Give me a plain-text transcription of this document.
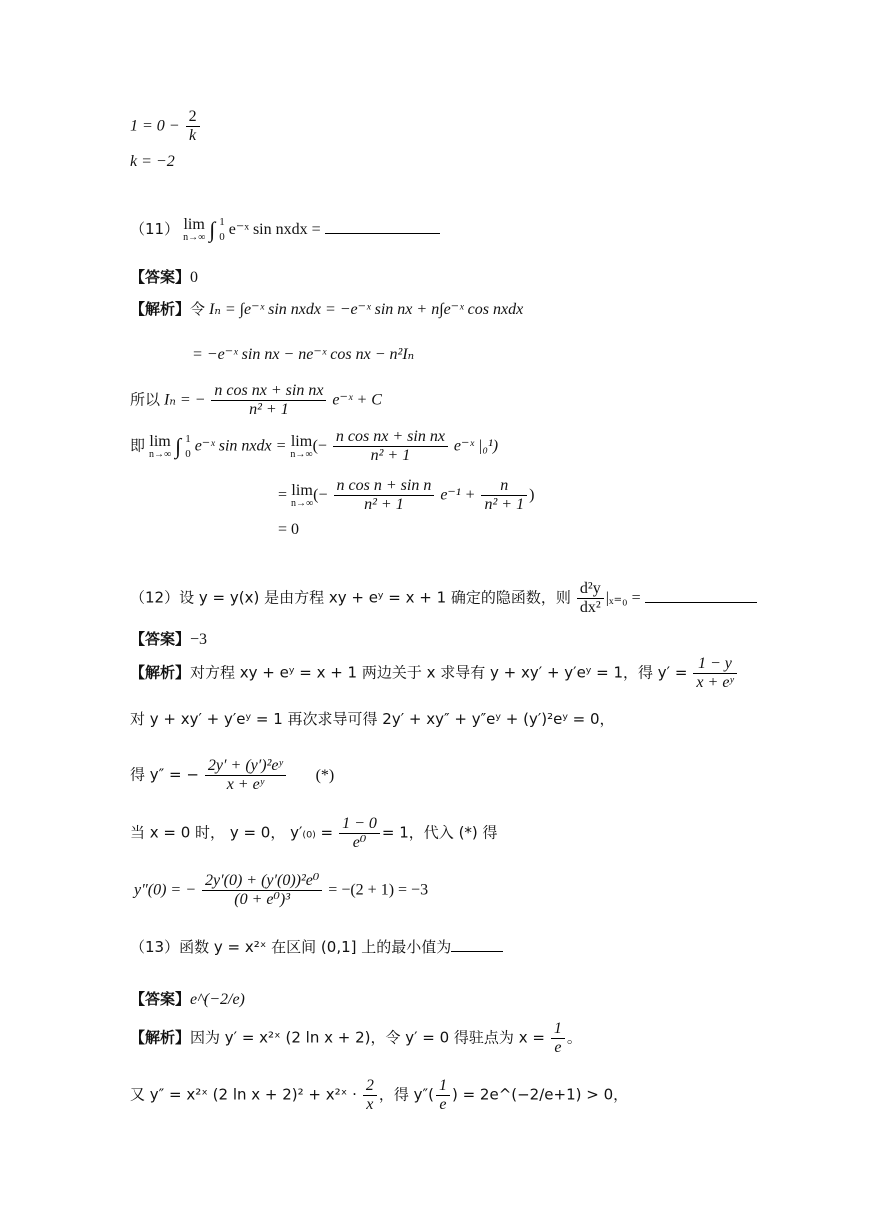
$1 = 0 - \frac{2}{k}$
k = −2
（11） lim
n→∞ ∫ 1
0 e⁻ˣ sin nxdx =
【答案】0
【解析】令 Iₙ = ∫e⁻ˣ sin nxdx = −e⁻ˣ sin nx + n∫e⁻ˣ cos nxdx
= −e⁻ˣ sin nx − ne⁻ˣ cos nx − n²Iₙ
所以 Iₙ = − $\frac{\text{n cos nx + sin nx}}{\text{n² + 1}}$ e⁻ˣ + C
即 lim
n→∞ ∫ 1
0 e⁻ˣ sin nxdx = lim
n→∞ (− $\frac{\text{n cos nx + sin nx}}{\text{n² + 1}}$ e⁻ˣ |₀¹)
= lim
n→∞ (− $\frac{\text{n cos n + sin n}}{\text{n² + 1}} e^{-1} + \frac{n}{\text{n² + 1}}$ )
= 0
（12）设 y = y(x) 是由方程 xy + eʸ = x + 1 确定的隐函数，则 $\frac{\text{d²y}}{\text{dx²}} |_{x=0}$ =
【答案】−3
【解析】对方程 xy + eʸ = x + 1 两边关于 x 求导有 y + xy′ + y′eʸ = 1，得 $y' = \frac{1 - y}{\text{x + eʸ}}$
对 y + xy′ + y′eʸ = 1 再次求导可得 2y′ + xy″ + y″eʸ + (y′)²eʸ = 0，
得 y″ = − $\frac{\text{2y′ + (y′)²eʸ}}{\text{x + eʸ}}$ (*)
当 x = 0 时， y = 0， $y'_{(0)} = \frac{1 - 0}{\text{e⁰}} = 1$，代入 (*) 得
y″(0) = − $\frac{\text{2y′(0) + (y′(0))²e⁰}}{\text{(0 + e⁰)³}} = -(2 + 1) = -3$
（13）函数 y = x²ˣ 在区间 (0,1] 上的最小值为
【答案】e^(−2/e)
【解析】因为 y′ = x²ˣ (2 ln x + 2)，令 y′ = 0 得驻点为 $x = \frac{1}{e}$ 。
又 y″ = x²ˣ (2 ln x + 2)² + x²ˣ · $\frac{2}{x}$ ，得 $y''( \frac{1}{e}$ ) = 2e^(−2/e+1) > 0，
